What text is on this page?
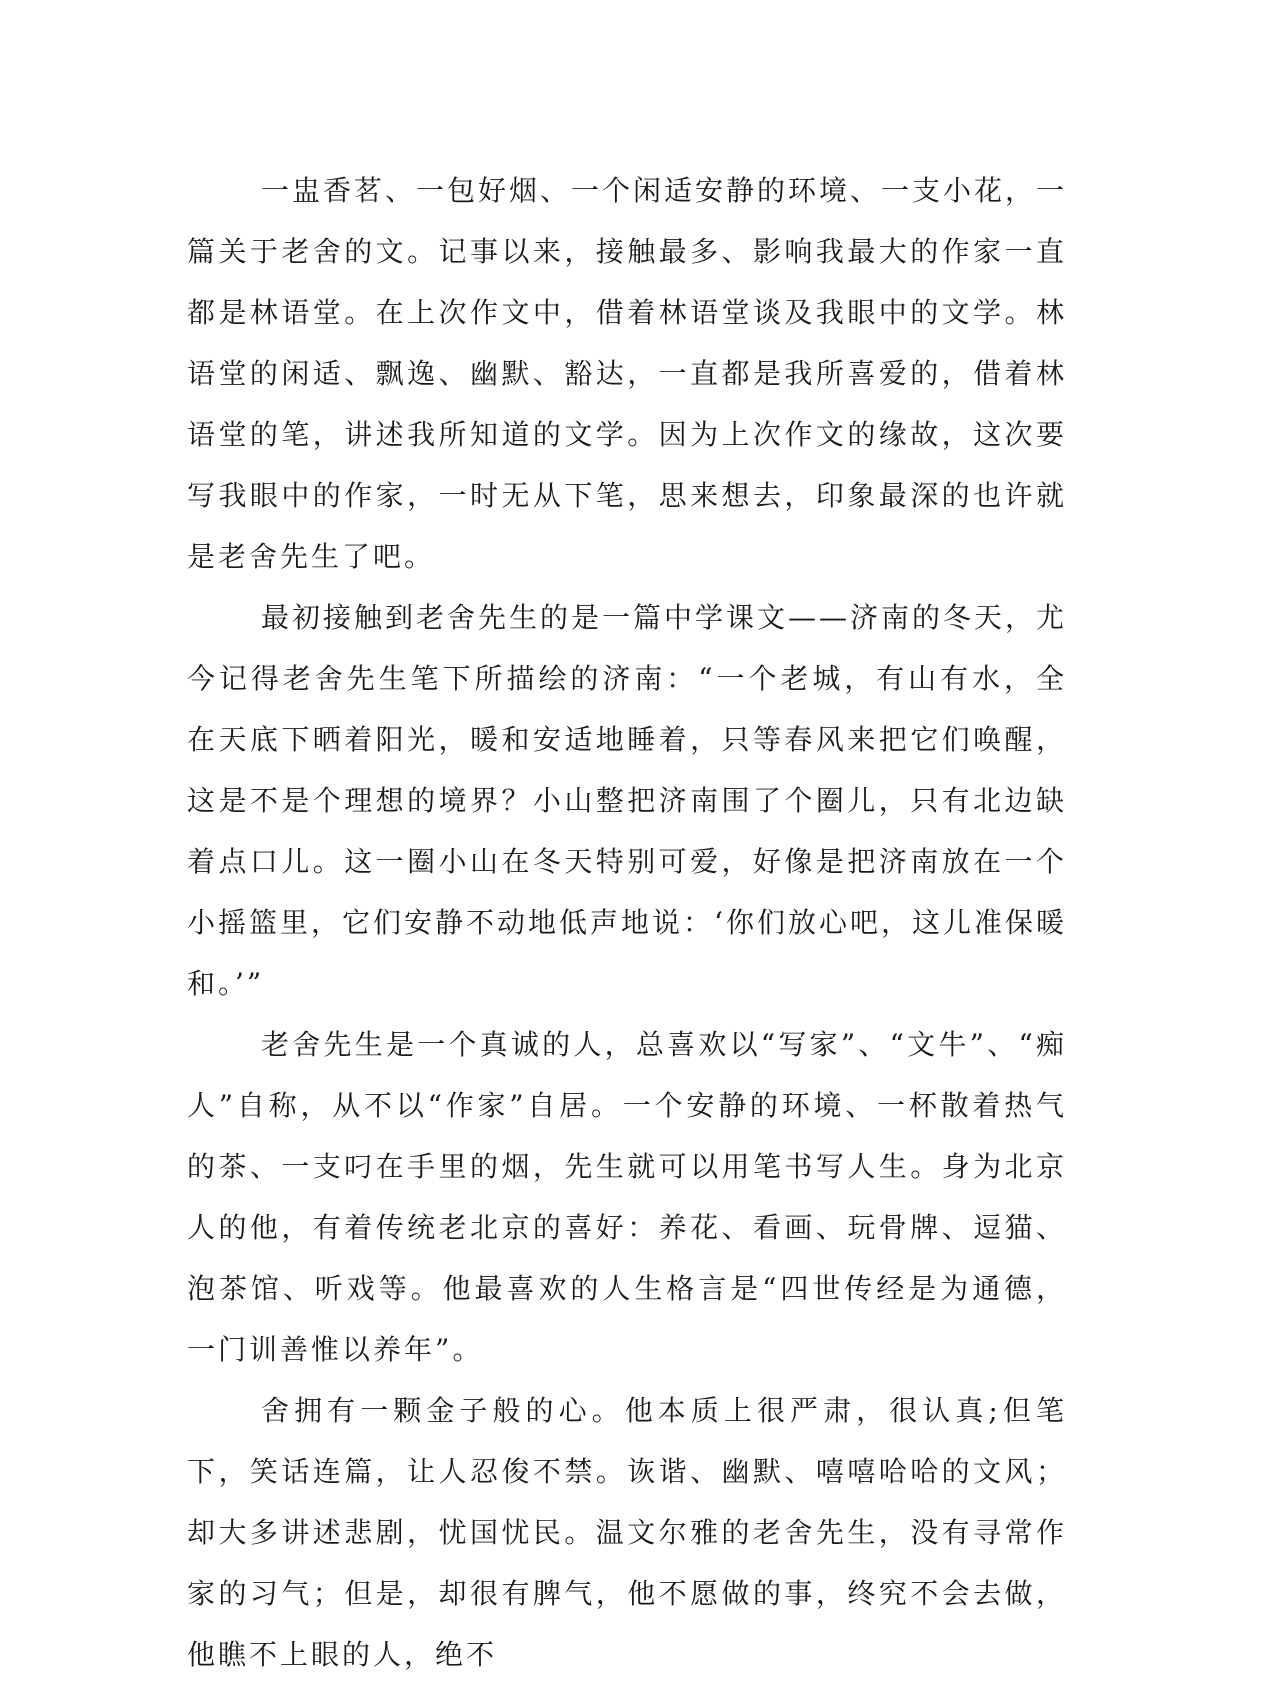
一盅香茗、一包好烟、一个闲适安静的环境、一支小花，一篇关于老舍的文。记事以来，接触最多、影响我最大的作家一直都是林语堂。在上次作文中，借着林语堂谈及我眼中的文学。林语堂的闲适、飘逸、幽默、豁达，一直都是我所喜爱的，借着林语堂的笔，讲述我所知道的文学。因为上次作文的缘故，这次要写我眼中的作家，一时无从下笔，思来想去，印象最深的也许就是老舍先生了吧。

最初接触到老舍先生的是一篇中学课文——济南的冬天，尤今记得老舍先生笔下所描绘的济南：“一个老城，有山有水，全在天底下晒着阳光，暖和安适地睡着，只等春风来把它们唤醒，这是不是个理想的境界？小山整把济南围了个圈儿，只有北边缺着点口儿。这一圈小山在冬天特别可爱，好像是把济南放在一个小摇篮里，它们安静不动地低声地说：‘你们放心吧，这儿准保暖和。’”

老舍先生是一个真诚的人，总喜欢以“写家”、“文牛”、“痴人”自称，从不以“作家”自居。一个安静的环境、一杯散着热气的茶、一支叼在手里的烟，先生就可以用笔书写人生。身为北京人的他，有着传统老北京的喜好：养花、看画、玩骨牌、逗猫、泡茶馆、听戏等。他最喜欢的人生格言是“四世传经是为通德，一门训善惟以养年”。

舍拥有一颗金子般的心。他本质上很严肃，很认真;但笔下，笑话连篇，让人忍俊不禁。诙谐、幽默、嘻嘻哈哈的文风；却大多讲述悲剧，忧国忧民。温文尔雅的老舍先生，没有寻常作家的习气；但是，却很有脾气，他不愿做的事，终究不会去做，他瞧不上眼的人，绝不
